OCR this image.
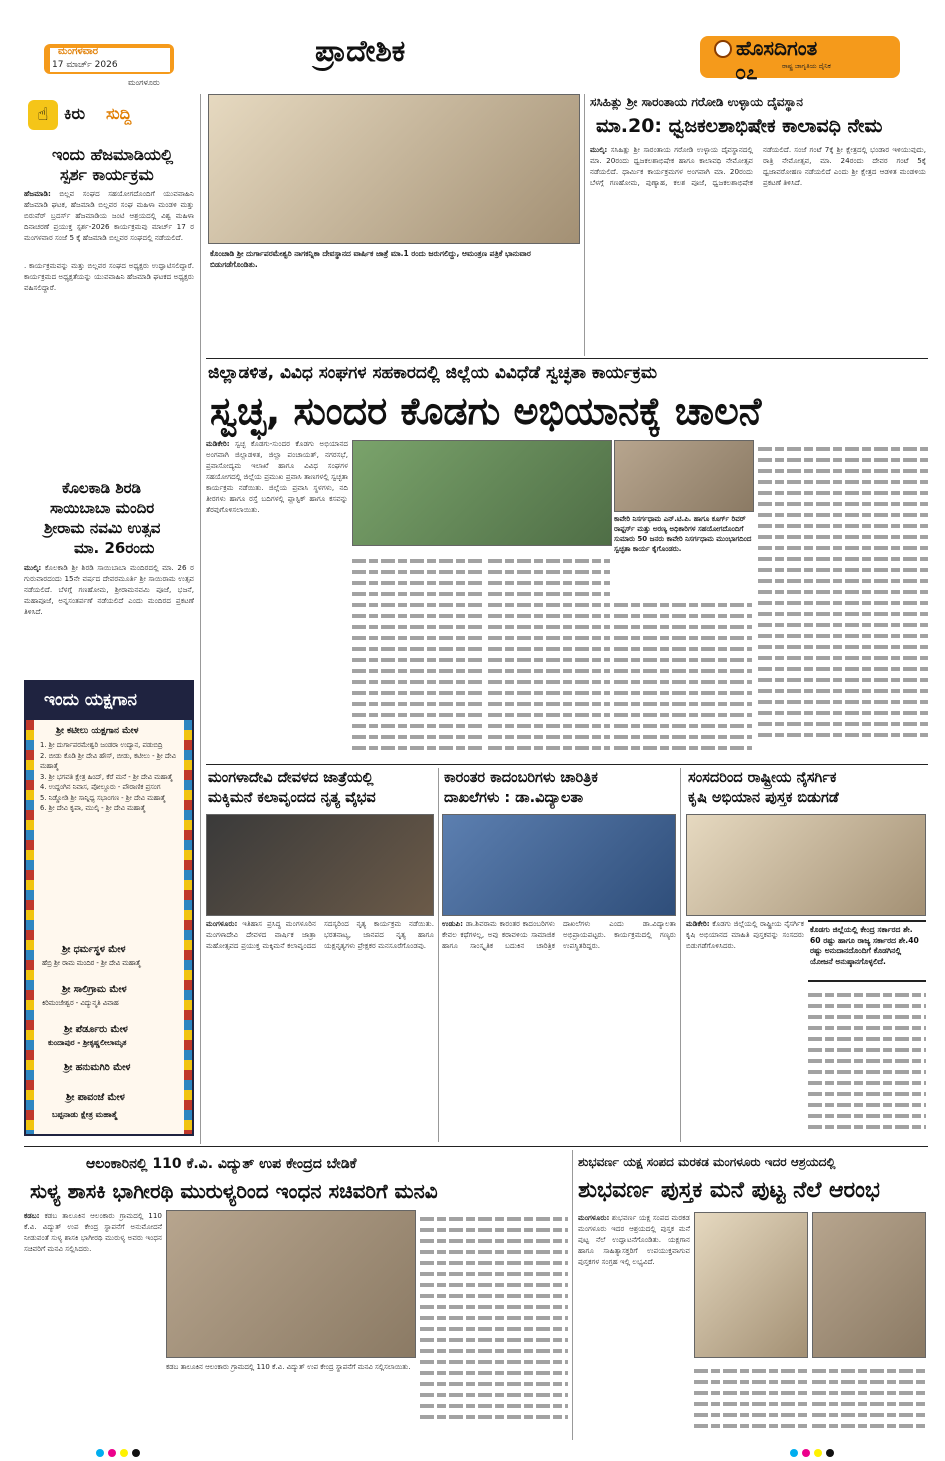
ಮಂಗಳವಾರ
17 ಮಾರ್ಚ್ 2026
ಮಂಗಳೂರು
ಪ್ರಾದೇಶಿಕ	ಹೊಸದಿಗಂತ
ರಾಷ್ಟ್ರ ಜಾಗೃತಿಯ ದೈನಿಕ
೦೭
☝ ಕಿರು ಸುದ್ದಿ
ಇಂದು ಹೆಜಮಾಡಿಯಲ್ಲಿ
ಸ್ಪರ್ಶ ಕಾರ್ಯಕ್ರಮ
ಹೆಜಮಾಡಿ: ಬಿಲ್ಲವ ಸಂಘದ ಸಹಯೋಗದೊಂದಿಗೆ ಯುವವಾಹಿನಿ ಹೆಜಮಾಡಿ ಘಟಕ, ಹೆಜಮಾಡಿ ಬಿಲ್ಲವರ ಸಂಘ ಮಹಿಳಾ ಮಂಡಳಿ ಮತ್ತು ಬಿರುವೆರ್ ಬ್ರದರ್ಸ್ ಹೆಜಮಾಡಿಯ ಜಂಟಿ ಆಶ್ರಯದಲ್ಲಿ ವಿಶ್ವ ಮಹಿಳಾ ದಿನಾಚರಣೆ ಪ್ರಯುಕ್ತ ಸ್ಪರ್ಶ-2026 ಕಾರ್ಯಕ್ರಮವು ಮಾರ್ಚ್ 17 ರ ಮಂಗಳವಾರ ಸಂಜೆ 5 ಕ್ಕೆ ಹೆಜಮಾಡಿ ಬಿಲ್ಲವರ ಸಂಘದಲ್ಲಿ ನಡೆಯಲಿದೆ.
. ಕಾರ್ಯಕ್ರಮವನ್ನು ಮತ್ತು ಬಿಲ್ಲವರ ಸಂಘದ ಅಧ್ಯಕ್ಷರು ಉದ್ಘಾಟಿಸಲಿದ್ದಾರೆ. ಕಾರ್ಯಕ್ರಮದ ಅಧ್ಯಕ್ಷತೆಯನ್ನು ಯುವವಾಹಿನಿ ಹೆಜಮಾಡಿ ಘಟಕದ ಅಧ್ಯಕ್ಷರು ವಹಿಸಲಿದ್ದಾರೆ.
ಕೊಲಕಾಡಿ ಶಿರಡಿ
ಸಾಯಿಬಾಬಾ ಮಂದಿರ
ಶ್ರೀರಾಮ ನವಮಿ ಉತ್ಸವ
ಮಾ. 26ರಂದು
ಮುಲ್ಕಿ: ಕೊಲಕಾಡಿ ಶ್ರೀ ಶಿರಡಿ ಸಾಯಿಬಾಬಾ ಮಂದಿರದಲ್ಲಿ ಮಾ. 26 ರ ಗುರುವಾರದಂದು 15ನೇ ವರ್ಷದ ದೇವರಮೂರ್ತಿ ಶ್ರೀ ಸಾಯಿರಾಮ ಉತ್ಸವ ನಡೆಯಲಿದೆ. ಬೆಳಗ್ಗೆ ಗಣಹೋಮ, ಶ್ರೀರಾಮನವಮಿ ಪೂಜೆ, ಭಜನೆ, ಮಹಾಪೂಜೆ, ಅನ್ನಸಂತರ್ಪಣೆ ನಡೆಯಲಿದೆ ಎಂದು ಮಂದಿರದ ಪ್ರಕಟಣೆ ತಿಳಿಸಿದೆ.
ಇಂದು ಯಕ್ಷಗಾನ
ಶ್ರೀ ಕಟೀಲು ಯಕ್ಷಗಾನ ಮೇಳ
1. ಶ್ರೀ ದುರ್ಗಾಪರಮೇಶ್ವರಿ ಜಂಡರಾ ಉದ್ಯಾನ, ಪಡುಬಿದ್ರಿ
2. ಬೀಡು ಕೊಡಿ ಶ್ರೀ ದೇವಿ ಹೌಸ್, ಬೀಡು, ಕಟೀಲು - ಶ್ರೀ ದೇವಿ ಮಹಾತ್ಮೆ
3. ಶ್ರೀ ಭಗವತಿ ಕ್ಷೇತ್ರ ಹಿಂದ್, ಕೆರೆ ಮನೆ - ಶ್ರೀ ದೇವಿ ಮಹಾತ್ಮೆ
4. ಉದ್ದಂಗಿನ ನಿವಾಸ, ಪೋಲ್ದೂರು - ಪೌರಾಣಿಕ ಪ್ರಸಂಗ
5. ನಿಡ್ಡೋಡಿ ಶ್ರೀ ಸಾನ್ನಿಧ್ಯ ಸಭಾಂಗಣ - ಶ್ರೀ ದೇವಿ ಮಹಾತ್ಮೆ
6. ಶ್ರೀ ದೇವಿ ಕೃಪಾ, ಮುಲ್ಕಿ - ಶ್ರೀ ದೇವಿ ಮಹಾತ್ಮೆ
ಶ್ರೀ ಧರ್ಮಸ್ಥಳ ಮೇಳ
ಹೆಬ್ರಿ ಶ್ರೀ ರಾಮ ಮಂದಿರ - ಶ್ರೀ ದೇವಿ ಮಹಾತ್ಮೆ
ಶ್ರೀ ಸಾಲಿಗ್ರಾಮ ಮೇಳ
ಕಿರಿಮಂಜೇಶ್ವರ - ವಿದ್ಯುನ್ಮತಿ ವಿವಾಹ
ಶ್ರೀ ಪೆರ್ಡೂರು ಮೇಳ
ಕುಂದಾಪುರ - ಶ್ರೀಕೃಷ್ಣಲೀಲಾಮೃತ
ಶ್ರೀ ಹನುಮಗಿರಿ ಮೇಳ
ಶ್ರೀ ಪಾವಂಜೆ ಮೇಳ
ಬಪ್ಪನಾಡು ಕ್ಷೇತ್ರ ಮಹಾತ್ಮೆ
ಕೊಂಚಾಡಿ ಶ್ರೀ ದುರ್ಗಾಪರಮೇಶ್ವರಿ ನಾಗಕನ್ನಿಕಾ ದೇವಸ್ಥಾನದ ವಾರ್ಷಿಕ ಜಾತ್ರೆ ಮಾ.1 ರಂದು ಜರುಗಲಿದ್ದು, ಆಮಂತ್ರಣ ಪತ್ರಿಕೆ ಭಾನುವಾರ ಬಿಡುಗಡೆಗೊಂಡಿತು.
ಸಸಿಹಿತ್ಲು ಶ್ರೀ ಸಾರಂತಾಯ ಗರೋಡಿ ಉಳ್ಳಾಯ ದೈವಸ್ಥಾನ
ಮಾ.20: ಧ್ವಜಕಲಶಾಭಿಷೇಕ ಕಾಲಾವಧಿ ನೇಮ
ಮುಲ್ಕಿ: ಸಸಿಹಿತ್ಲು ಶ್ರೀ ಸಾರಂತಾಯ ಗರೋಡಿ ಉಳ್ಳಾಯ ದೈವಸ್ಥಾನದಲ್ಲಿ ಮಾ. 20ರಂದು ಧ್ವಜಕಲಶಾಭಿಷೇಕ ಹಾಗೂ ಕಾಲಾವಧಿ ನೇಮೋತ್ಸವ ನಡೆಯಲಿದೆ. ಧಾರ್ಮಿಕ ಕಾರ್ಯಕ್ರಮಗಳ ಅಂಗವಾಗಿ ಮಾ. 20ರಂದು ಬೆಳಗ್ಗೆ ಗಣಹೋಮ, ಪುಣ್ಯಾಹ, ಕಲಶ ಪೂಜೆ, ಧ್ವಜಕಲಶಾಭಿಷೇಕ ನಡೆಯಲಿದೆ. ಸಂಜೆ ಗಂಟೆ 7ಕ್ಕೆ ಶ್ರೀ ಕ್ಷೇತ್ರದಲ್ಲಿ ಭಂಡಾರ ಇಳಿಯುವುದು, ರಾತ್ರಿ ನೇಮೋತ್ಸವ, ಮಾ. 24ರಂದು ದೇವರ ಗಂಟೆ 5ಕ್ಕೆ ಧ್ವಜಾವರೋಹಣ ನಡೆಯಲಿದೆ ಎಂದು ಶ್ರೀ ಕ್ಷೇತ್ರದ ಆಡಳಿತ ಮಂಡಳಿಯ ಪ್ರಕಟಣೆ ತಿಳಿಸಿದೆ.
ಜಿಲ್ಲಾಡಳಿತ, ವಿವಿಧ ಸಂಘಗಳ ಸಹಕಾರದಲ್ಲಿ ಜಿಲ್ಲೆಯ ವಿವಿಧೆಡೆ ಸ್ವಚ್ಛತಾ ಕಾರ್ಯಕ್ರಮ
ಸ್ವಚ್ಛ, ಸುಂದರ ಕೊಡಗು ಅಭಿಯಾನಕ್ಕೆ ಚಾಲನೆ
ಮಡಿಕೇರಿ: ಸ್ವಚ್ಛ ಕೊಡಗು-ಸುಂದರ ಕೊಡಗು ಅಭಿಯಾನದ ಅಂಗವಾಗಿ ಜಿಲ್ಲಾಡಳಿತ, ಜಿಲ್ಲಾ ಪಂಚಾಯತ್, ನಗರಸಭೆ, ಪ್ರವಾಸೋದ್ಯಮ ಇಲಾಖೆ ಹಾಗೂ ವಿವಿಧ ಸಂಘಗಳ ಸಹಯೋಗದಲ್ಲಿ ಜಿಲ್ಲೆಯ ಪ್ರಮುಖ ಪ್ರವಾಸಿ ತಾಣಗಳಲ್ಲಿ ಸ್ವಚ್ಛತಾ ಕಾರ್ಯಕ್ರಮ ನಡೆಯಿತು. ಜಿಲ್ಲೆಯ ಪ್ರವಾಸಿ ಸ್ಥಳಗಳು, ನದಿ ತೀರಗಳು ಹಾಗೂ ರಸ್ತೆ ಬದಿಗಳಲ್ಲಿ ಪ್ಲಾಸ್ಟಿಕ್ ಹಾಗೂ ಕಸವನ್ನು ತೆರವುಗೊಳಿಸಲಾಯಿತು.
ಕಾವೇರಿ ನಿಸರ್ಗಧಾಮ ಎನ್.ಟಿ.ಪಿ. ಹಾಗೂ ಕೂರ್ಗ್ ರಿವರ್ ರಾಫ್ಟರ್ಸ್ ಮತ್ತು ಅರಣ್ಯ ಅಧಿಕಾರಿಗಳ ಸಹಯೋಗದೊಂದಿಗೆ ಸುಮಾರು 50 ಜನರು ಕಾವೇರಿ ನಿಸರ್ಗಧಾಮ ಮುಂಭಾಗದಿಂದ ಸ್ವಚ್ಛತಾ ಕಾರ್ಯ ಕೈಗೊಂಡರು.
ಮಂಗಳಾದೇವಿ ದೇವಳದ ಜಾತ್ರೆಯಲ್ಲಿ
ಮಕ್ಕಿಮನೆ ಕಲಾವೃಂದದ ನೃತ್ಯ ವೈಭವ
ಮಂಗಳೂರು: ಇತಿಹಾಸ ಪ್ರಸಿದ್ಧ ಮಂಗಳೂರಿನ ಮಂಗಳಾದೇವಿ ದೇವಳದ ವಾರ್ಷಿಕ ಜಾತ್ರಾ ಮಹೋತ್ಸವದ ಪ್ರಯುಕ್ತ ಮಕ್ಕಿಮನೆ ಕಲಾವೃಂದದ ಸದಸ್ಯರಿಂದ ನೃತ್ಯ ಕಾರ್ಯಕ್ರಮ ನಡೆಯಿತು. ಭರತನಾಟ್ಯ, ಜಾನಪದ ನೃತ್ಯ ಹಾಗೂ ಯಕ್ಷನೃತ್ಯಗಳು ಪ್ರೇಕ್ಷಕರ ಮನಸೂರೆಗೊಂಡವು.
ಕಾರಂತರ ಕಾದಂಬರಿಗಳು ಚಾರಿತ್ರಿಕ
ದಾಖಲೆಗಳು : ಡಾ.ವಿದ್ಯಾಲತಾ
ಉಡುಪಿ: ಡಾ.ಶಿವರಾಮ ಕಾರಂತರ ಕಾದಂಬರಿಗಳು ಕೇವಲ ಕಥೆಗಳಲ್ಲ, ಅವು ಕರಾವಳಿಯ ಸಾಮಾಜಿಕ ಹಾಗೂ ಸಾಂಸ್ಕೃತಿಕ ಬದುಕಿನ ಚಾರಿತ್ರಿಕ ದಾಖಲೆಗಳು ಎಂದು ಡಾ.ವಿದ್ಯಾಲತಾ ಅಭಿಪ್ರಾಯಪಟ್ಟರು. ಕಾರ್ಯಕ್ರಮದಲ್ಲಿ ಗಣ್ಯರು ಉಪಸ್ಥಿತರಿದ್ದರು.
ಸಂಸದರಿಂದ ರಾಷ್ಟ್ರೀಯ ನೈಸರ್ಗಿಕ
ಕೃಷಿ ಅಭಿಯಾನ ಪುಸ್ತಕ ಬಿಡುಗಡೆ
ಮಡಿಕೇರಿ: ಕೊಡಗು ಜಿಲ್ಲೆಯಲ್ಲಿ ರಾಷ್ಟ್ರೀಯ ನೈಸರ್ಗಿಕ ಕೃಷಿ ಅಭಿಯಾನದ ಮಾಹಿತಿ ಪುಸ್ತಕವನ್ನು ಸಂಸದರು ಬಿಡುಗಡೆಗೊಳಿಸಿದರು.
ಕೊಡಗು ಜಿಲ್ಲೆಯಲ್ಲಿ ಕೇಂದ್ರ ಸರ್ಕಾರದ ಶೇ. 60 ರಷ್ಟು ಹಾಗೂ ರಾಜ್ಯ ಸರ್ಕಾರದ ಶೇ.40 ರಷ್ಟು ಅನುದಾನದೊಂದಿಗೆ ಕೊಡಗಿನಲ್ಲಿ ಯೋಜನೆ ಅನುಷ್ಠಾನಗೊಳ್ಳಲಿದೆ.
ಆಲಂಕಾರಿನಲ್ಲಿ 110 ಕೆ.ವಿ. ವಿದ್ಯುತ್ ಉಪ ಕೇಂದ್ರದ ಬೇಡಿಕೆ
ಸುಳ್ಯ ಶಾಸಕಿ ಭಾಗೀರಥಿ ಮುರುಳ್ಯರಿಂದ ಇಂಧನ ಸಚಿವರಿಗೆ ಮನವಿ
ಕಡಬ: ಕಡಬ ತಾಲೂಕಿನ ಆಲಂಕಾರು ಗ್ರಾಮದಲ್ಲಿ 110 ಕೆ.ವಿ. ವಿದ್ಯುತ್ ಉಪ ಕೇಂದ್ರ ಸ್ಥಾಪನೆಗೆ ಅನುಮೋದನೆ ನೀಡುವಂತೆ ಸುಳ್ಯ ಶಾಸಕಿ ಭಾಗೀರಥಿ ಮುರುಳ್ಯ ಅವರು ಇಂಧನ ಸಚಿವರಿಗೆ ಮನವಿ ಸಲ್ಲಿಸಿದರು.
ಕಡಬ ತಾಲೂಕಿನ ಆಲಂಕಾರು ಗ್ರಾಮದಲ್ಲಿ 110 ಕೆ.ವಿ. ವಿದ್ಯುತ್ ಉಪ ಕೇಂದ್ರ ಸ್ಥಾಪನೆಗೆ ಮನವಿ ಸಲ್ಲಿಸಲಾಯಿತು.
ಶುಭವರ್ಣ ಯಕ್ಷ ಸಂಪದ ಮರಕಡ ಮಂಗಳೂರು ಇದರ ಆಶ್ರಯದಲ್ಲಿ
ಶುಭವರ್ಣ ಪುಸ್ತಕ ಮನೆ ಪುಟ್ಟ ನೆಲೆ ಆರಂಭ
ಮಂಗಳೂರು: ಶುಭವರ್ಣ ಯಕ್ಷ ಸಂಪದ ಮರಕಡ ಮಂಗಳೂರು ಇದರ ಆಶ್ರಯದಲ್ಲಿ ಪುಸ್ತಕ ಮನೆ ಪುಟ್ಟ ನೆಲೆ ಉದ್ಘಾಟನೆಗೊಂಡಿತು. ಯಕ್ಷಗಾನ ಹಾಗೂ ಸಾಹಿತ್ಯಾಸಕ್ತರಿಗೆ ಉಪಯುಕ್ತವಾಗುವ ಪುಸ್ತಕಗಳ ಸಂಗ್ರಹ ಇಲ್ಲಿ ಲಭ್ಯವಿದೆ.
